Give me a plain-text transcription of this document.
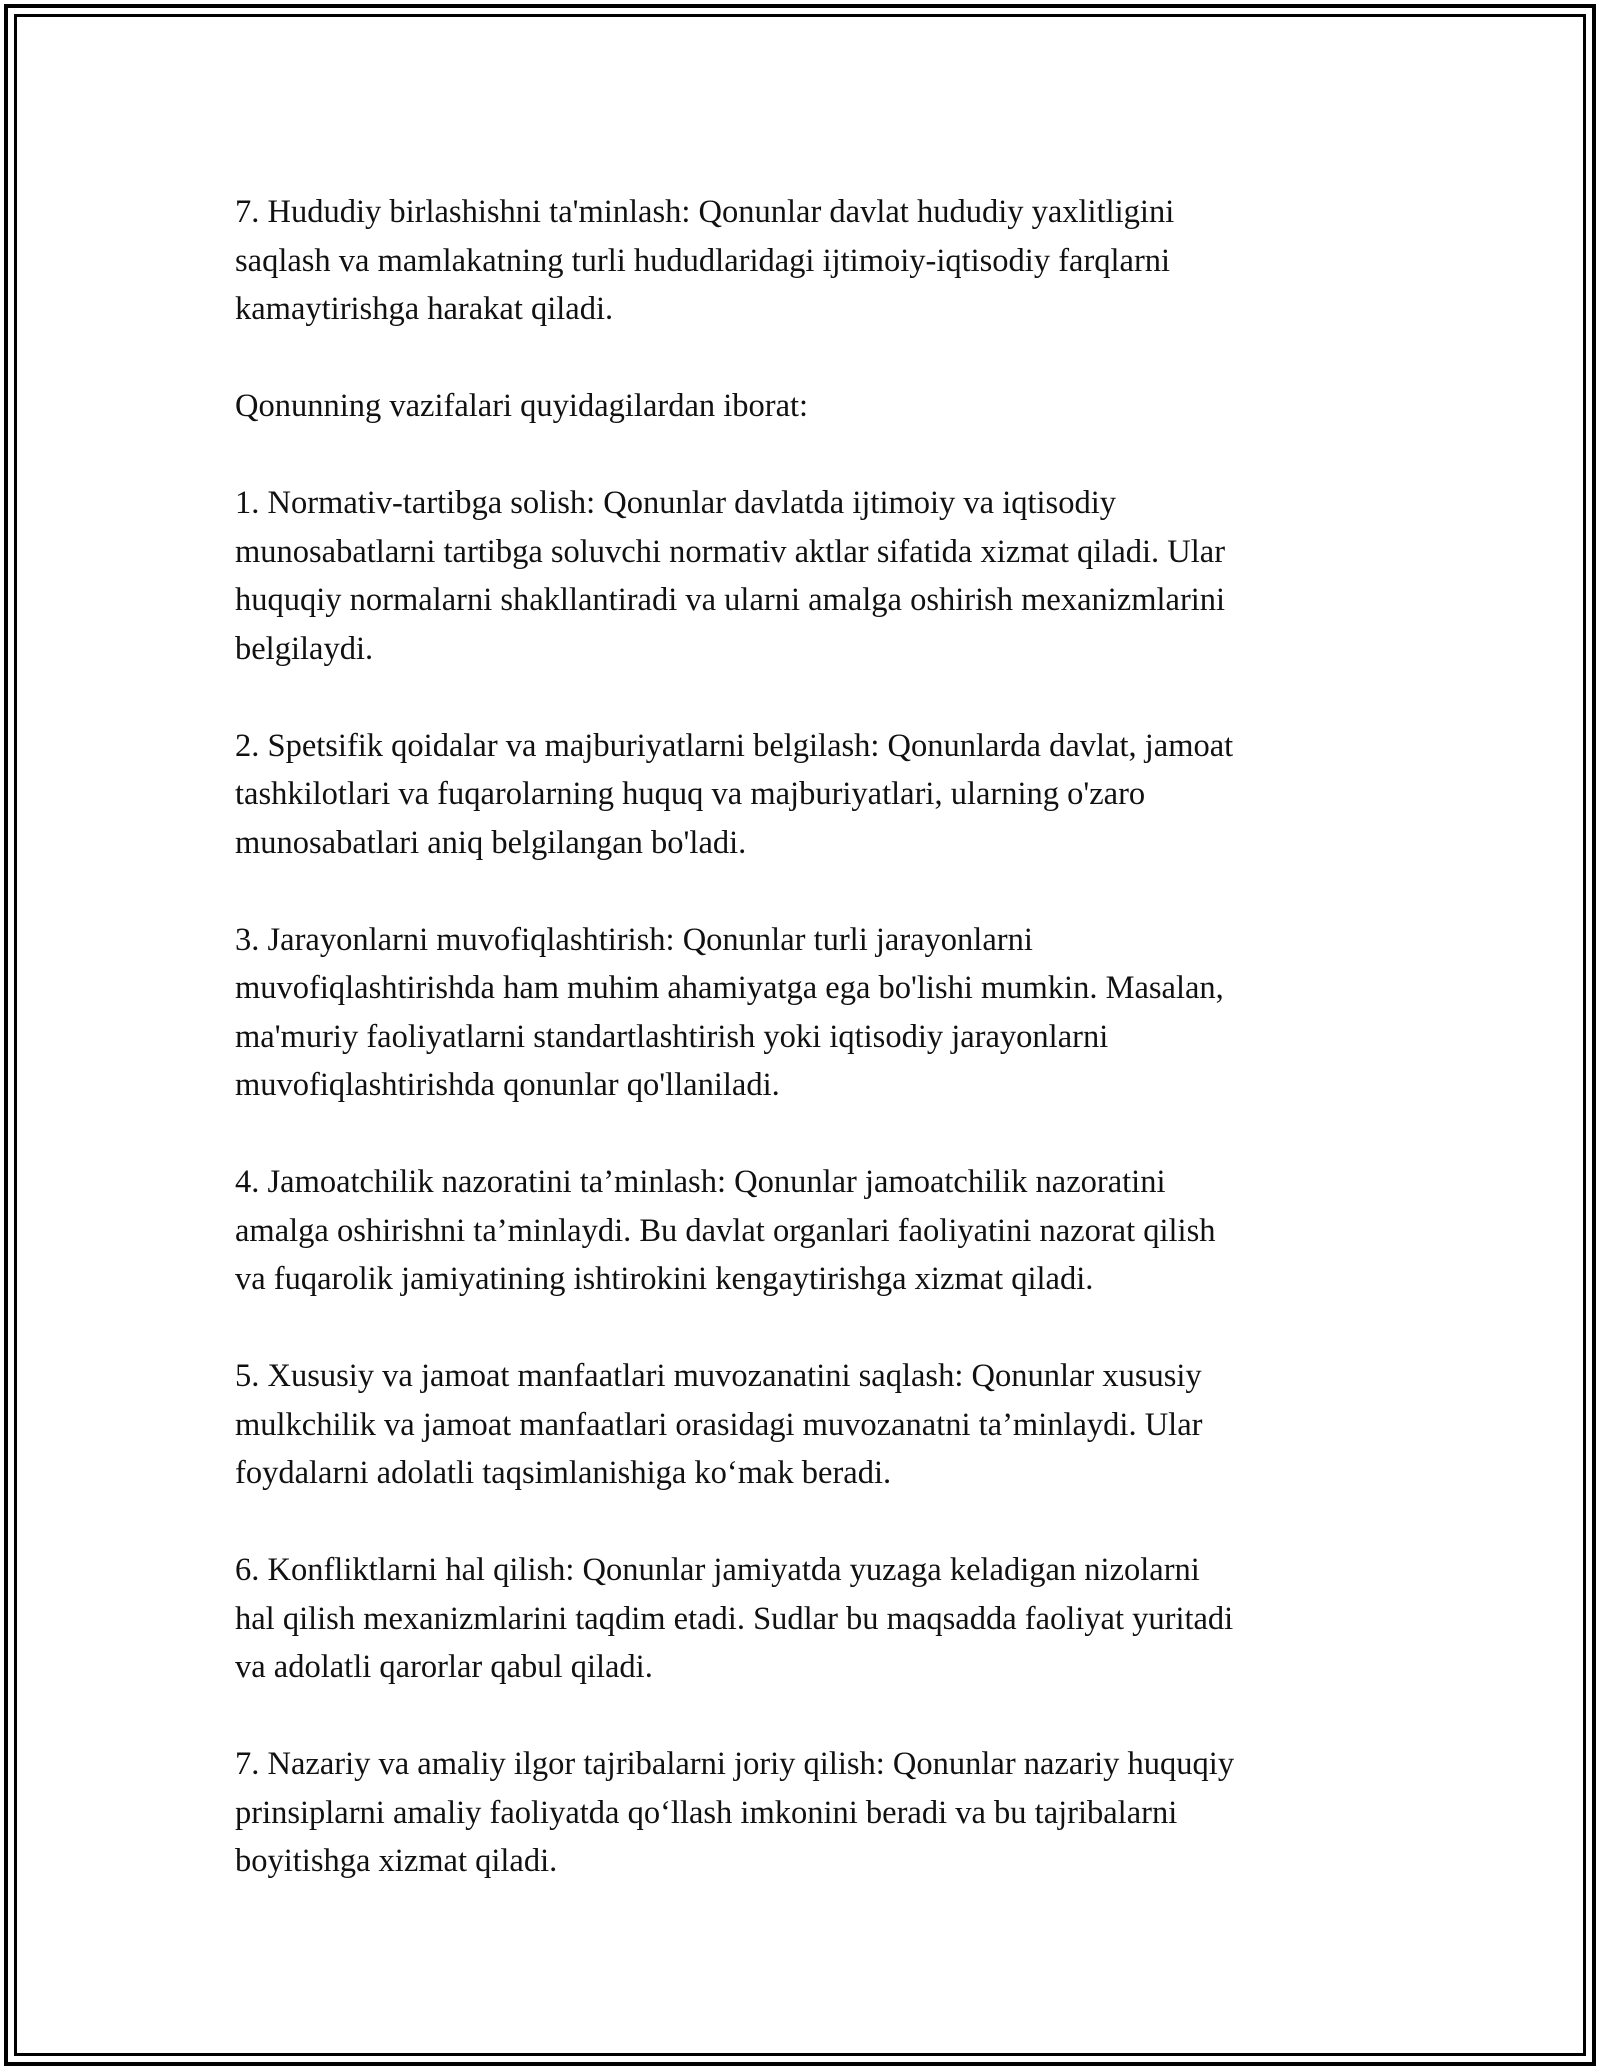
7. Hududiy birlashishni ta'minlash: Qonunlar davlat hududiy yaxlitligini
saqlash va mamlakatning turli hududlaridagi ijtimoiy-iqtisodiy farqlarni
kamaytirishga harakat qiladi.

Qonunning vazifalari quyidagilardan iborat:

1. Normativ-tartibga solish: Qonunlar davlatda ijtimoiy va iqtisodiy
munosabatlarni tartibga soluvchi normativ aktlar sifatida xizmat qiladi. Ular
huquqiy normalarni shakllantiradi va ularni amalga oshirish mexanizmlarini
belgilaydi.

2. Spetsifik qoidalar va majburiyatlarni belgilash: Qonunlarda davlat, jamoat
tashkilotlari va fuqarolarning huquq va majburiyatlari, ularning o'zaro
munosabatlari aniq belgilangan bo'ladi.

3. Jarayonlarni muvofiqlashtirish: Qonunlar turli jarayonlarni
muvofiqlashtirishda ham muhim ahamiyatga ega bo'lishi mumkin. Masalan,
ma'muriy faoliyatlarni standartlashtirish yoki iqtisodiy jarayonlarni
muvofiqlashtirishda qonunlar qo'llaniladi.

4. Jamoatchilik nazoratini ta’minlash: Qonunlar jamoatchilik nazoratini
amalga oshirishni ta’minlaydi. Bu davlat organlari faoliyatini nazorat qilish
va fuqarolik jamiyatining ishtirokini kengaytirishga xizmat qiladi.

5. Xususiy va jamoat manfaatlari muvozanatini saqlash: Qonunlar xususiy
mulkchilik va jamoat manfaatlari orasidagi muvozanatni ta’minlaydi. Ular
foydalarni adolatli taqsimlanishiga ko‘mak beradi.

6. Konfliktlarni hal qilish: Qonunlar jamiyatda yuzaga keladigan nizolarni
hal qilish mexanizmlarini taqdim etadi. Sudlar bu maqsadda faoliyat yuritadi
va adolatli qarorlar qabul qiladi.

7. Nazariy va amaliy ilgor tajribalarni joriy qilish: Qonunlar nazariy huquqiy
prinsiplarni amaliy faoliyatda qo‘llash imkonini beradi va bu tajribalarni
boyitishga xizmat qiladi.
